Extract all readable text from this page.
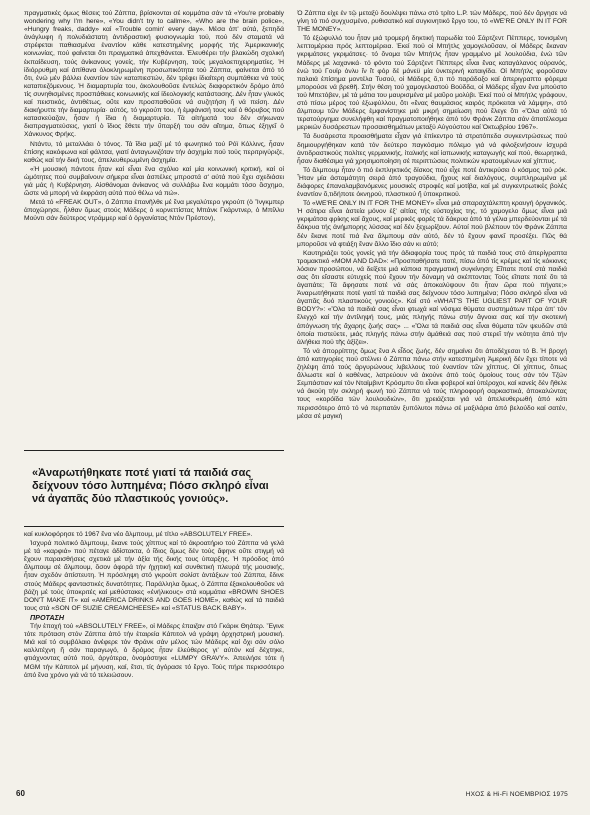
πραγματικές όμως θέσεις τού Ζάππα, βρίσκονται σέ κομμάτια σάν τά «You're probably wondering why I'm here», «You didn't try to callme», «Who are the brain police», «Hungry freaks, daddy» καί «Trouble comin' every day». Μέσα ἀπ' αὐτά, ξεπηδά ἀνάγλυφη ἡ πολυδιάστατη ἀντιδραστική φυσιογνωμία τού, πού δέν σταματά νά στρέφεται παθιασμένα ἐναντίον κάθε κατεστημένης μορφής τής Ἀμερικανικής κοινωνίας, πού φαίνεται ὅτι πραγματικά ἀπεχθάνεται. Ἐλευθέρει τήν βλακώδη σχολική ἐκπαίδευση, τούς ἀνίκανους γονείς, τήν Κυβέρνηση, τούς μεγαλοεπιχειρηματίες. Ἡ ἰδιόρρυθμη καί ἀπίθανα ὁλοκληρωμένη προσωπικότητα τού Ζάππα, φαίνεται ἀπό τό ὅτι, ἐνώ μέν βάλλει ἐναντίον τών καταπιεστών, δέν τρέφει ἰδιαίτερη συμπάθεια νά τούς καταπιεζόμενους. Ἡ διαμαρτυρία του, ἀκολουθοῦσε ἐντελώς διαφορετικόν δρόμο ἀπό τίς συνηθισμένες προσπάθειες κοινωνικής καί ἰδεολογικής κατάστασης. Δέν ἦταν γλυκός καί πειστικός, ἀντιθέτως, οὔτε καν προσπαθοῦσε νά συζητήση ἤ νά πείση. Δέν διακήρυττε τήν διαμαρτυρία· αὐτός, τό γκρούπ του, ἡ ἐμφάνισή τους καί ὁ θόρυβος πού κατασκεύαζαν, ἦσαν ἡ ἴδια ἡ διαμαρτυρία. Τά αἰτήματά του δέν σήκωναν διαπραγματεύσεις, γιατί ὁ ἴδιος ἔθετε τήν ὕπαρξή του σάν αἴτημα, ὅπως ἐξηγεῖ ὁ Χάνκυνος Φρήκς.

Ντάντυ, τό μεταλλάει ὁ τόνος. Τά ἴδια μαζί μέ τό φωνητικό τού Ρόϊ Κόλλινς, ἦσαν ἐπίσης κακόφωνα καί φάλτσα, γιατί ἀνταγωνιζόταν τήν ἀσχημία πού τούς περιτριγύριζε, καθώς καί τήν δική τους, ἀπελευθερωμένη ἀσχημία.

«Ἡ μουσική πάντοτε ἦταν καί εἶναι ἕνα σχόλιο καί μία κοινωνική κριτική, καί οἱ ὠμότητες πού συμβαίνουν σήμερα εἶναι ἀσπέλες μπροστά σ' αὐτά πού ἔχει σχεδιάσει γιά μάς ἡ Κυβέρνηση. Αἰσθάνομαι ἀνίκανος νά συλλάβω ἕνα κομμάτι τόσο ἄσχημο, ὥστε νά μπορή νά ἐκφράση αὐτά πού θέλω νά πώ».

Μετά τό «FREAK OUT», ὁ Ζάππα ἐπανῆλθε μέ ἕνα μεγαλύτερο γκρούπ (ὁ Ἴνγκμπερ ἀποχώρησε, ἦλθαν ὅμως στούς Μάδερς ὁ κορνεττίστας Μπάνκ Γκάρντνερ, ὁ Μπίλλυ Μούντι σάν δεύτερος ντράμμερ καί ὁ ὀργανίστας Ντόν Πρέστον),

«Ἀναρωτήθηκατε ποτέ γιατί τά παιδιά σας δείχνουν τόσο λυπημένα; Πόσο σκληρό εἶναι νά ἀγαπᾶς δύο πλαστικούς γονιούς».

καί κυκλοφόρησε τό 1967 ἕνα νέο ἄλμπουμ, μέ τίτλο «ABSOLUTELY FREE».

Ἰσχυρά πολιτικό ἄλμπουμ, ἔκανε τούς χίππυς καί τό ἀκροατήριο τού Ζάππα νά γελά μέ τά «καρφιά» πού πέταγε ἀδίστακτα, ὁ ἴδιος ὅμως δέν τούς ἄφηνε οὔτε στιγμή νά ἔχουν παραισθήσεις σχετικά μέ τήν ἀξία τής δικής τους ὑπαρξης. Ἡ πρόοδος ἀπό ἄλμπουμ σέ ἄλμπουμ, ὅσον ἀφορά τήν ἠχητική καί συνθετική πλευρά τής μουσικής, ἦταν σχεδόν ἀπίστευτη. Ἡ πρόσληψη στό γκρούπ σολίστ ἀντάξιων τού Ζάππα, ἔδινε στούς Μάδερς φανταστικές δυνατότητες. Παράλληλα ὅμως, ὁ Ζάππα ἐξακολουθοῦσε νά βάζη μέ τούς ὑποκριτές καί μεθύστακες «ἐνήλικους» στά κομμάτια «BROWN SHOES DON'T MAKE IT» καί «AMERICA DRINKS AND GOES HOME», καθώς καί τά παιδιά τους στά «SON OF SUZIE CREAMCHEESE» καί «STATUS BACK BABY».

ΠΡΟΤΑΣΗ

Τήν ἐποχή τού «ABSOLUTELY FREE», οἱ Μάδερς ἐπαιζαν στό Γκάρικ Θηάτερ. Ἔγινε τότε πρόταση στόν Ζάππα ἀπό τήν ἑταιρεία Κάπιτολ νά γράψη ὀρχηστρική μουσική. Μιά καί τό συμβόλαιο ἀνέφερε τόν Φράνκ σάν μέλος τών Μάδερς καί ὄχι σάν σόλο καλλιτέχνη ἤ σάν παραγωγό, ὁ δρόμος ἦταν ἐλεύθερος γι' αὐτόν καί δέχτηκε, φτιάχνοντας αὐτό πού, ἀργότερα, ὀνομάστηκε «LUMPY GRAVY». Ἀπειλήσε τότε ἡ MGM τήν Κάπιτολ μέ μήνυση, καί, ἔτσι, τίς ἀγόρασε τό ἔργο. Τούς πήρε περισσότερο ἀπό ἕνα χρόνο γιά νά τό τελειώσουν.

Ὁ Ζάππα εἶχε ἐν τῷ μεταξύ δουλέψει πάνω στό τρίτο L.P. τών Μάδερς, πού δέν ἄργησε νά γίνη τό πιό συγχυσμένο, ρυθισατικό καί συγκινητικό ἔργο του, τό «WE'RE ONLY IN IT FOR THE MONEY».

Τό ἐξώφυλλό του ἦταν μιά τρομερή δηκτική παρωδία τού Σάρτζεντ Πέππερς, τονισμένη λεπτομέρεια πρός λεπτομέρεια. Ἐκεί πού οἱ Μπήτλς χαμογελοῦσαν, οἱ Μάδερς ἔκαναν γκριμάτσες γκριμάτσες· τό ὄνομα τῶν Μπήτλς ἦταν γραμμένο μέ λουλούδια, ἐνώ τῶν Μάδερς μέ λαχανικά· τό φόντο τού Σάρτζεντ Πέππερς εἶναι ἕνας καταγάλανος οὐρανός, ἐνώ τού Γουϊρ ὀνλυ ἴν ἴτ φόρ δέ μάνεϋ μία ὑνκτερινή καταιγίδα. Οἱ Μπήτλς φοροῦσαν παλαιά ἐπίσημα μοντέλα Τυσού, οἱ Μάδερς ὅ,τι πό παράδοξο καί ἀπεριγραπτο φόρεμα μπορούσε νά βρεθῆ. Στήν θέση τού χαμογελαστού Βούδδα, οἱ Μάδερς εἶχαν ἕνα μπούστο τού Μπετόβεν, μέ τά μάτια του μαυρισμένα μέ μαῦρο μολύβι. Ἐκεί πού οἱ Μπήτλς γράφουν, στό πίσω μέρος τού ἐξωφύλλου, ὅτι «ἕνας θαυμάσιος καιρός πρόκειται νά λάμψη», στό ἄλμπουμ τῶν Μάδερς ἐμφανίστηκε μιά μικρή σημείωση πού ἔλεγε ὅτι «Ὅλα αὐτά τό τερατούργημα συνελήφθη καί πραγματοποιήθηκε ἀπό τόν Φράνκ Ζάππα σάν ἀποτέλεσμα μερικών δυσάρεστων προσαισθημάτων μεταξύ Αὐγούστου καί Ὀκτωβρίου 1967».

Τά δυσάρεστα προαισθήματα εἶχαν γιά ἐπίκεντρο τά στρατόπεδα συγκεντρώσεως πού δημιουργήθηκαν κατά τόν δεύτερο παγκόσμιο πόλεμο γιά νά φιλοξενήσουν ἰσχυρά ἀντιδραστικούς πολίτες γερμανικής, ἰταλικής καί ἰαπωνικής καταγωγής καί πού, θεωρητικά, ἦσαν διαθέσιμα γιά χρησιμοποίηση σέ περιπτώσεις πολιτικών κρατουμένων καί χίππυς.

Τό ἄλμπουμ ἦταν ὁ πιό ἐκπληκτικός δίσκος πού εἶχε ποτέ ἀντικρύσει ὁ κόσμος τού ρόκ. Ἦταν μία ἀσταμάτητη σειρά ἀπό τραγούδια, ἤχους καί διαλόγους, συμπληρωμένα μέ διάφορες ἐπαναλαμβανόμενες μουσικές στροφές καί μοτίβα, καί μέ συγκεντρωτικές βολές ἐναντίον ὅ,τιδήποτε ὀκνηρού, πλαστικού ἤ ὑποκριτικού.

Τό «WE'RE ONLY IN IT FOR THE MONEY» εἶναι μιά σπαραχτάλεπτη κραυγή ὀργανικός. Ἡ σάτιρα εἶναι ἀστεία μόνον ἐξ' αἰτίας τής εὐστοχίας της, τό χαμογελο ὅμως εἶναι μιά γκριμάτσα φρίκης καί ἄχους, καί μερικές φορές τά δάκρυα ἀπό τά γέλια μπερδεύονται μέ τά δάκρυα τής ἀνήμπορης λύσσας καί δέν ξεχωρίζουν. Αὐτοί πού βλέπουν τόν Φράνκ Ζάππα δέν ἔκανε ποτέ πιά ἕνα ἄλμπουμ σάν αὐτό, δέν τό ἔχουν φανεῖ προσέξει. Πῶς θά μποροῦσε νά φτιάξη ἕναν ἄλλο ἴδιο σάν κι αὐτό;

Καυτηριάζει τούς γονείς γιά τήν ἀδιαφορία τους πρός τά παιδιά τους στό ἀπερίγραπτα τρομακτικό «MOM AND DAD»: «Προσπαθήσατε ποτέ, πίσω ἀπό τίς κρέμες καί τίς κόκκινες λόσιον προσώπου, νά δείξετε μιά κάποια πραγματική συγκίνηση; Εἴπατε ποτέ στά παιδιά σας ὅτι εἴσαστε εὐτυχείς πού ἔχουν τήν δύναμη νά σκέπτονται; Τούς εἴπατε ποτέ ὅτι τά ἀγαπάτε; Τά ἄφησατε ποτέ νά σάς ἀποκαλύψουν ὅτι ἦταν ὥρα πού πήγατε;» Ἀναρωτήθηκατε ποτέ γιατί τά παιδιά σας δείχνουν τόσο λυπημένα; Πόσο σκληρό εἶναι νά ἀγαπᾶς δυό πλαστικούς γονιούς». Καί στό «WHAT'S THE UGLIEST PART OF YOUR BODY?»: «Ὅλα τά παιδιά σας εἶναι φτωχά καί νόσιμα θύματα συστημάτων πέρα ἀπ' τόν ἔλεγχό καί τήν ἀντίληψή τους, μιάς πληγής πάνω στήν ἄγνοια σας καί τήν σκοτεινή ἀπόγνωση τής ἄχαρης ζωής σας» ... «Ὅλα τά παιδιά σας εἶναι θύματα τῶν ψευδῶν στά ὁποία πιστεύετε, μιάς πληγής πάνω στήν ἀμάθειά σας πού στερεῖ τήν νεότητα ἀπό τήν ἀλήθεια πού τῆς ἀξίζει».

Τό νά ἀπορρίπτης ὅμως ἕνα Α εἶδος ζωής, δέν σημαίνει ὅτι ἀποδέχεσαι τό Β. Ἡ βροχή ἀπό κατηγορίες πού στέλνει ὁ Ζάππα πάνω στήν κατεστημένη Ἀμερική δέν ἔχει τίποτε νά ζηλέψη ἀπό τούς ἀργυρώνους λιβελλους τού ἐναντίον τῶν χίππυς. Οἱ χίππυς, ὅπως ἄλλωστε καί ὁ καθένας, λατρεύουν νά ἀκούνε ἀπό τούς ὁμοίους τους σάν τόν Τζών Σεμπάστιαν καί τόν Νταϊμβιντ Κρόσμπυ ὅτι εἶναι φοβεροί καί ὑπέροχοι, καί κανείς δέν ἤθελε νά ἀκούη τήν σκληρή φωνή τού Ζάππα νά τούς πληροφορή σαρκαστικά, ἀποκαλώντας τους «κορόϊδα τών λουλουδιών», ὅτι χρειάζεται γιά νά ἀπελευθερωθή ἀπό κάτι περισσότερο ἀπό τό νά περπατάν ξυπόλυτοι πάνω σέ μαξιλάρια ἀπό βελούδο καί σατέν, μέσα σέ μαγική

60	ΗΧΟΣ & Hi-Fi ΝΟΕΜΒΡΙΟΣ 1975
